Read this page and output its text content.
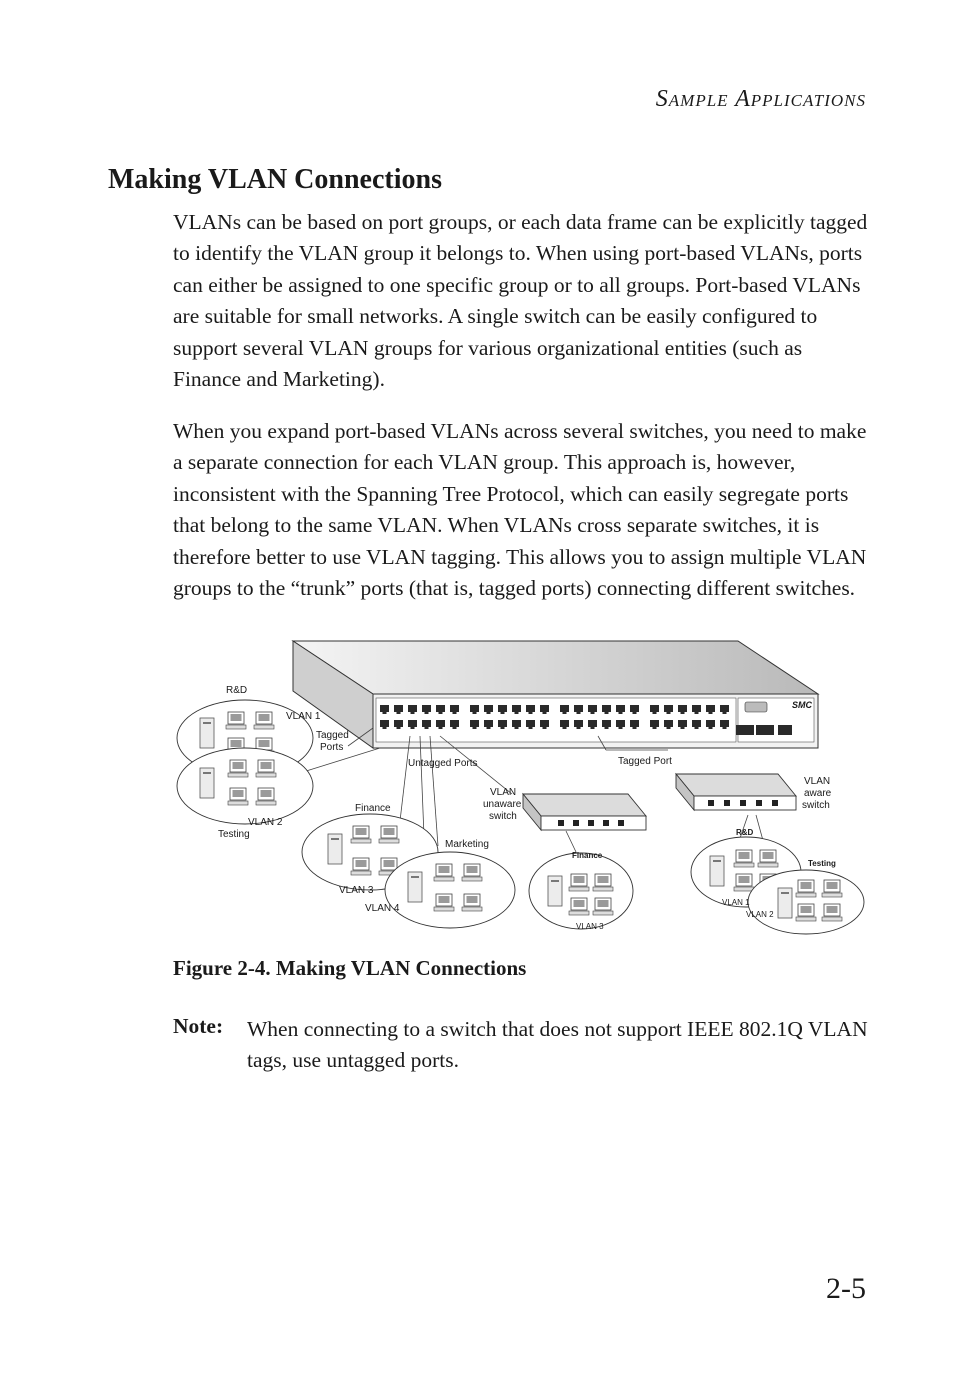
Sample Applications
Making VLAN Connections

VLANs can be based on port groups, or each data frame can be explicitly tagged to identify the VLAN group it belongs to. When using port-based VLANs, ports can either be assigned to one specific group or to all groups. Port-based VLANs are suitable for small networks. A single switch can be easily configured to support several VLAN groups for various organizational entities (such as Finance and Marketing).

When you expand port-based VLANs across several switches, you need to make a separate connection for each VLAN group. This approach is, however, inconsistent with the Spanning Tree Protocol, which can easily segregate ports that belong to the same VLAN. When VLANs cross separate switches, it is therefore better to use VLAN tagging. This allows you to assign multiple VLAN groups to the “trunk” ports (that is, tagged ports) connecting different switches.

SMC
R&D
VLAN 1
Tagged
Ports
VLAN 2
Testing
Untagged Ports	Tagged Port
Finance
Marketing
VLAN 3
VLAN 4
VLAN
unaware
switch
VLAN
aware
switch
Finance
VLAN 3
R&D
Testing
VLAN 1
VLAN 2
Figure 2-4. Making VLAN Connections
Note: When connecting to a switch that does not support IEEE 802.1Q VLAN tags, use untagged ports.
2-5
